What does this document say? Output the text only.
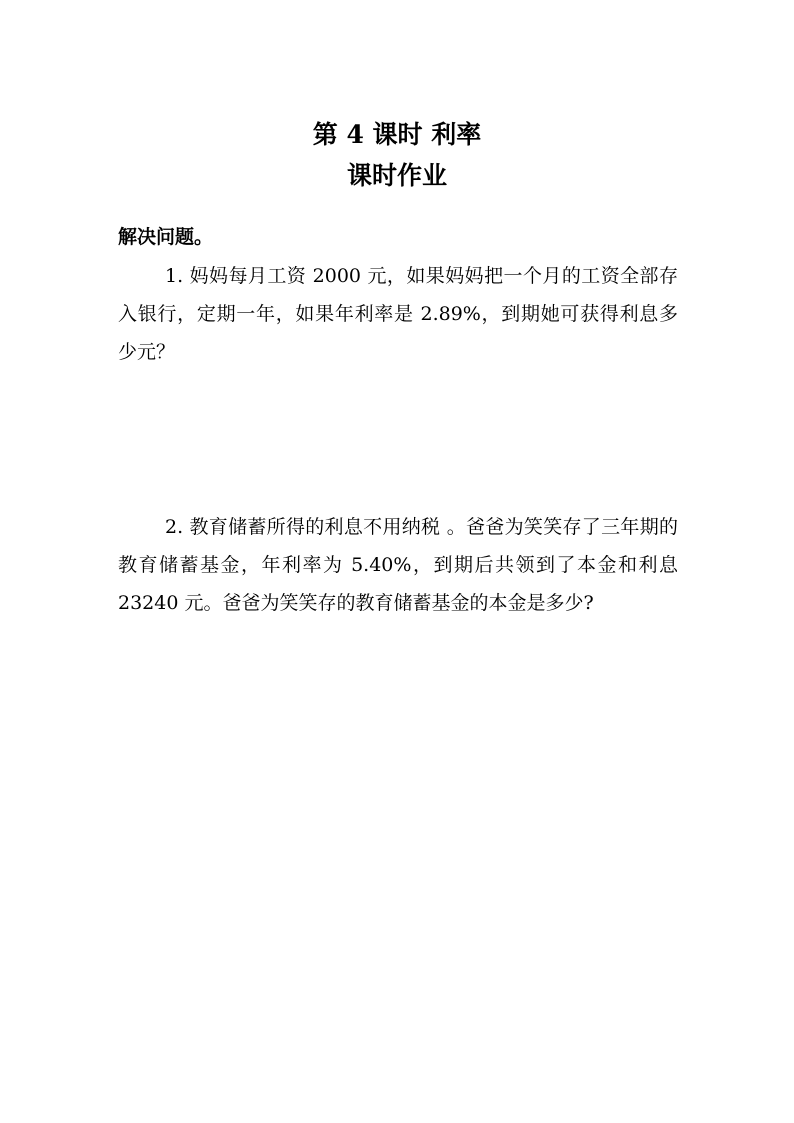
第 4 课时 利率
课时作业
解决问题。

1. 妈妈每月工资 2000 元，如果妈妈把一个月的工资全部存入银行，定期一年，如果年利率是 2.89%，到期她可获得利息多少元？

2. 教育储蓄所得的利息不用纳税 。爸爸为笑笑存了三年期的教育储蓄基金，年利率为 5.40%，到期后共领到了本金和利息 23240 元。爸爸为笑笑存的教育储蓄基金的本金是多少?
